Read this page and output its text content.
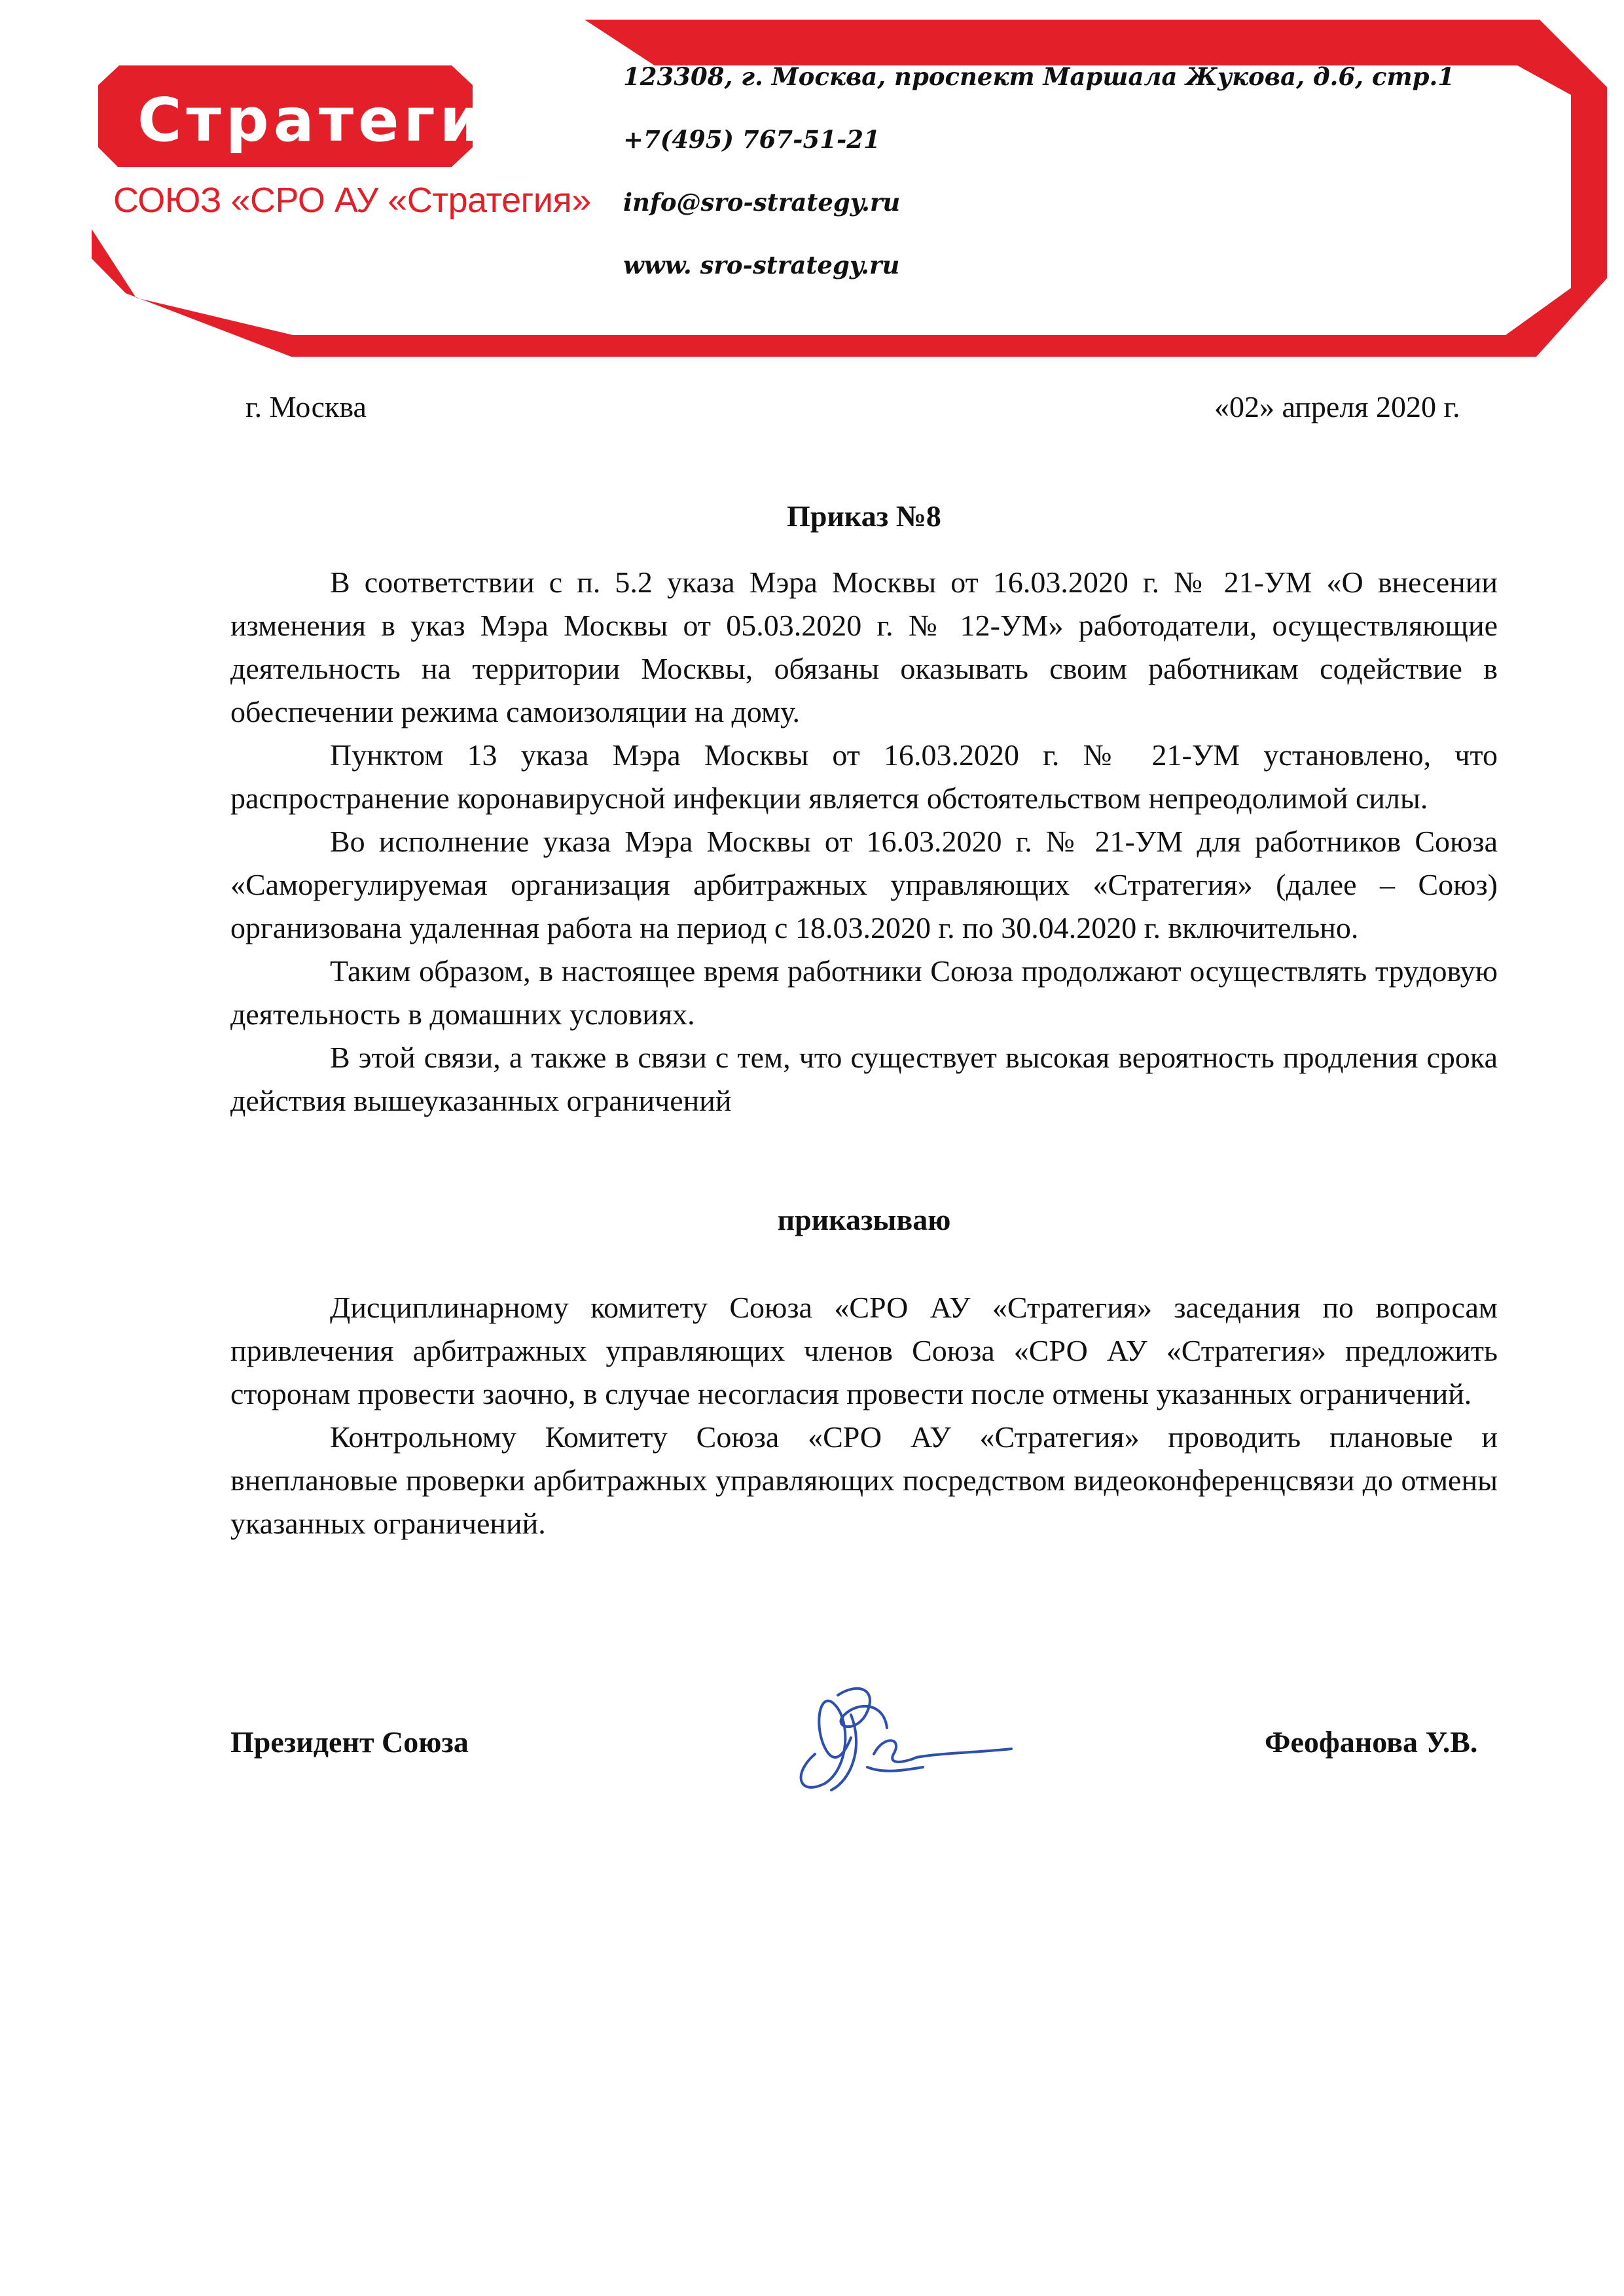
Стратегия
СОЮЗ «СРО АУ «Стратегия»
123308, г. Москва, проспект Маршала Жукова, д.6, стр.1
+7(495) 767-51-21
info@sro-strategy.ru
www. sro-strategy.ru
г. Москва	«02» апреля 2020 г.
Приказ №8

В соответствии с п. 5.2 указа Мэра Москвы от 16.03.2020 г. № 21-УМ «О внесении изменения в указ Мэра Москвы от 05.03.2020 г. № 12-УМ» работодатели, осуществляющие деятельность на территории Москвы, обязаны оказывать своим работникам содействие в обеспечении режима самоизоляции на дому.

Пунктом 13 указа Мэра Москвы от 16.03.2020 г. № 21-УМ установлено, что распространение коронавирусной инфекции является обстоятельством непреодолимой силы.

Во исполнение указа Мэра Москвы от 16.03.2020 г. № 21-УМ для работников Союза «Саморегулируемая организация арбитражных управляющих «Стратегия» (далее – Союз) организована удаленная работа на период с 18.03.2020 г. по 30.04.2020 г. включительно.

Таким образом, в настоящее время работники Союза продолжают осуществлять трудовую деятельность в домашних условиях.

В этой связи, а также в связи с тем, что существует высокая вероятность продления срока действия вышеуказанных ограничений

приказываю

Дисциплинарному комитету Союза «СРО АУ «Стратегия» заседания по вопросам привлечения арбитражных управляющих членов Союза «СРО АУ «Стратегия» предложить сторонам провести заочно, в случае несогласия провести после отмены указанных ограничений.

Контрольному Комитету Союза «СРО АУ «Стратегия» проводить плановые и внеплановые проверки арбитражных управляющих посредством видеоконференцсвязи до отмены указанных ограничений.

Президент Союза	Феофанова У.В.
